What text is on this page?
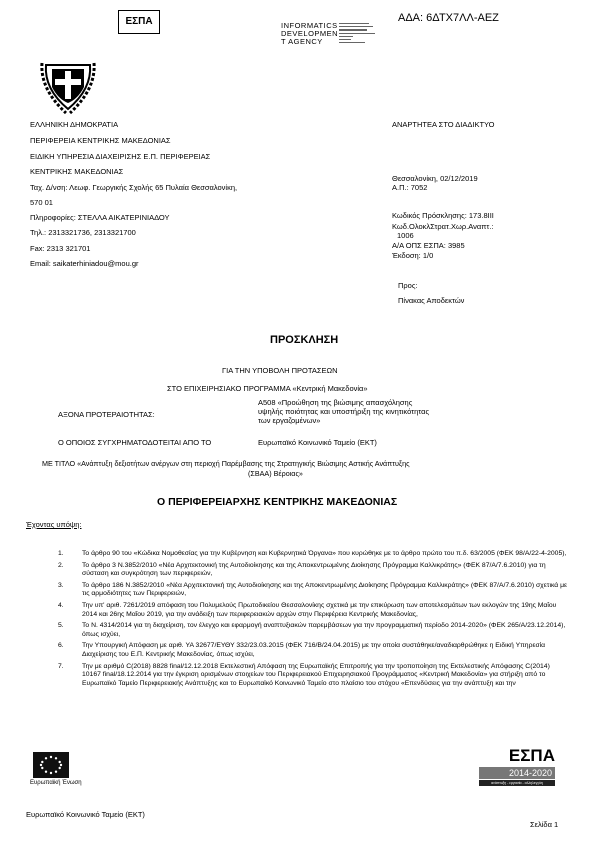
ΕΣΠΑ	INFORMATICS
DEVELOPMEN
T AGENCY
ΑΔΑ: 6ΔΤΧ7ΛΛ-ΑΕΖ
ΕΛΛΗΝΙΚΗ ΔΗΜΟΚΡΑΤΙΑ
ΠΕΡΙΦΕΡΕΙΑ ΚΕΝΤΡΙΚΗΣ ΜΑΚΕΔΟΝΙΑΣ
ΕΙΔΙΚΗ ΥΠΗΡΕΣΙΑ ΔΙΑΧΕΙΡΙΣΗΣ Ε.Π. ΠΕΡΙΦΕΡΕΙΑΣ
ΚΕΝΤΡΙΚΗΣ ΜΑΚΕΔΟΝΙΑΣ
Ταχ. Δ/νση: Λεωφ. Γεωργικής Σχολής 65 Πυλαία Θεσσαλονίκη,
570 01
Πληροφορίες: ΣΤΕΛΛΑ ΑΙΚΑΤΕΡΙΝΙΑΔΟΥ
Τηλ.: 2313321736, 2313321700
Fax: 2313 321701
Email: saikaterhiniadou@mou.gr
ΑΝΑΡΤΗΤΕΑ ΣΤΟ ΔΙΑΔΙΚΤΥΟ
Θεσσαλονίκη, 02/12/2019
Α.Π.: 7052
Κωδικός Πρόσκλησης: 173.8ΙΙΙ
Κωδ.ΟλοκλΣτρατ.Χωρ.Αναπτ.:
1006
Α/Α ΟΠΣ ΕΣΠΑ: 3985
Έκδοση: 1/0
Προς:
Πίνακας Αποδεκτών
ΠΡΟΣΚΛΗΣΗ
ΓΙΑ ΤΗΝ ΥΠΟΒΟΛΗ ΠΡΟΤΑΣΕΩΝ
ΣΤΟ ΕΠΙΧΕΙΡΗΣΙΑΚΟ ΠΡΟΓΡΑΜΜΑ «Κεντρική Μακεδονία»
ΑΞΟΝΑ ΠΡΟΤΕΡΑΙΟΤΗΤΑΣ:
Α508 «Προώθηση της βιώσιμης απασχόλησης
υψηλής ποιότητας και υποστήριξη της κινητικότητας
των εργαζομένων»
Ο ΟΠΟΙΟΣ ΣΥΓΧΡΗΜΑΤΟΔΟΤΕΙΤΑΙ ΑΠΟ ΤΟ	Ευρωπαϊκό Κοινωνικό Ταμείο (ΕΚΤ)
ΜΕ ΤΙΤΛΟ «Ανάπτυξη δεξιοτήτων ανέργων στη περιοχή Παρέμβασης της Στρατηγικής Βιώσιμης Αστικής Ανάπτυξης
(ΣΒΑΑ) Βέροιας»
Ο ΠΕΡΙΦΕΡΕΙΑΡΧΗΣ ΚΕΝΤΡΙΚΗΣ ΜΑΚΕΔΟΝΙΑΣ
Έχοντας υπόψη:
1.	Το άρθρο 90 του «Κώδικα Νομοθεσίας για την Κυβέρνηση και Κυβερνητικά Όργανα» που κυρώθηκε με το άρθρο πρώτο του π.δ. 63/2005 (ΦΕΚ 98/Α/22-4-2005),
2.	Το άρθρο 3 Ν.3852/2010 «Νέα Αρχιτεκτονική της Αυτοδιοίκησης και της Αποκεντρωμένης Διοίκησης Πρόγραμμα Καλλικράτης» (ΦΕΚ 87/Α/7.6.2010) για τη σύσταση και συγκρότηση των περιφερειών,
3.	Το άρθρο 186 Ν.3852/2010 «Νέα Αρχιτεκτονική της Αυτοδιοίκησης και της Αποκεντρωμένης Διοίκησης Πρόγραμμα Καλλικράτης» (ΦΕΚ 87/Α/7.6.2010) σχετικά με τις αρμοδιότητες των Περιφερειών,
4.	Την υπ' αριθ. 7261/2019 απόφαση του Πολυμελούς Πρωτοδικείου Θεσσαλονίκης σχετικά με την επικύρωση των αποτελεσμάτων των εκλογών της 19ης Μαΐου 2014 και 26ης Μαΐου 2019, για την ανάδειξη των περιφερειακών αρχών στην Περιφέρεια Κεντρικής Μακεδονίας,
5.	Το Ν. 4314/2014 για τη διαχείριση, τον έλεγχο και εφαρμογή αναπτυξιακών παρεμβάσεων για την προγραμματική περίοδο 2014-2020» (ΦΕΚ 265/Α/23.12.2014), όπως ισχύει,
6.	Την Υπουργική Απόφαση με αριθ. ΥΑ 32677/ΕΥΘΥ 332/23.03.2015 (ΦΕΚ 716/Β/24.04.2015) με την οποία συστάθηκε/αναδιαρθρώθηκε η Ειδική Υπηρεσία Διαχείρισης του Ε.Π. Κεντρικής Μακεδονίας, όπως ισχύει,
7.	Την με αριθμό C(2018) 8828 final/12.12.2018 Εκτελεστική Απόφαση της Ευρωπαϊκής Επιτροπής για την τροποποίηση της Εκτελεστικής Απόφασης C(2014) 10167 final/18.12.2014 για την έγκριση ορισμένων στοιχείων του Περιφερειακού Επιχειρησιακού Προγράμματος «Κεντρική Μακεδονία» για στήριξη από το Ευρωπαϊκό Ταμείο Περιφερειακής Ανάπτυξης και το Ευρωπαϊκό Κοινωνικό Ταμείο στο πλαίσιο του στόχου «Επενδύσεις για την ανάπτυξη και την
Ευρωπαϊκή Ένωση
ΕΣΠΑ
2014-2020
ανάπτυξη - εργασία - αλληλεγγύη
Ευρωπαϊκό Κοινωνικό Ταμείο (ΕΚΤ)
Σελίδα 1
